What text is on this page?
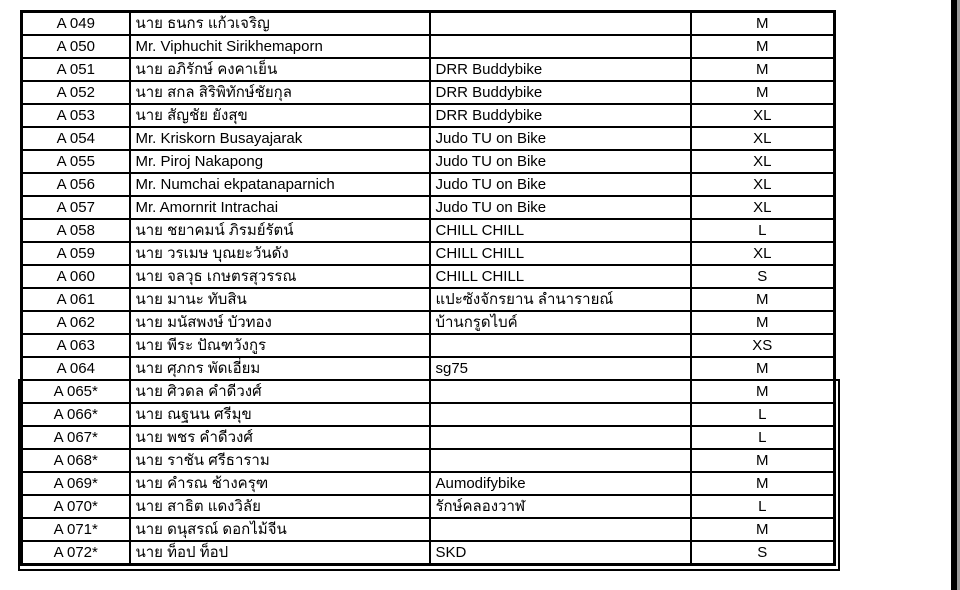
A 049	นาย ธนกร แก้วเจริญ		M
A 050	Mr. Viphuchit Sirikhemaporn		M
A 051	นาย อภิรักษ์ คงคาเย็น	DRR Buddybike	M
A 052	นาย สกล สิริพิทักษ์ชัยกุล	DRR Buddybike	M
A 053	นาย สัญชัย ยังสุข	DRR Buddybike	XL
A 054	Mr. Kriskorn Busayajarak	Judo TU on Bike	XL
A 055	Mr. Piroj Nakapong	Judo TU on Bike	XL
A 056	Mr. Numchai ekpatanaparnich	Judo TU on Bike	XL
A 057	Mr. Amornrit Intrachai	Judo TU on Bike	XL
A 058	นาย ชยาคมน์ ภิรมย์รัตน์	CHILL CHILL	L
A 059	นาย วรเมษ บุณยะวันดัง	CHILL CHILL	XL
A 060	นาย จลวุธ เกษตรสุวรรณ	CHILL CHILL	S
A 061	นาย มานะ ทับสิน	แปะซังจักรยาน ลำนารายณ์	M
A 062	นาย มนัสพงษ์ บัวทอง	บ้านกรูดไบค์	M
A 063	นาย พีระ ปัณฑวังกูร		XS
A 064	นาย ศุภกร พัดเอี่ยม	sg75	M
A 065*	นาย ศิวดล คำดีวงศ์		M
A 066*	นาย ณฐนน ศรีมุข		L
A 067*	นาย พชร คำดีวงศ์		L
A 068*	นาย ราชัน ศรีธาราม		M
A 069*	นาย คำรณ ช้างครุฑ	Aumodifybike	M
A 070*	นาย สาธิต แดงวิลัย	รักษ์คลองวาฬ	L
A 071*	นาย ดนุสรณ์ ดอกไม้จีน		M
A 072*	นาย ท็อป ท็อป	SKD	S
